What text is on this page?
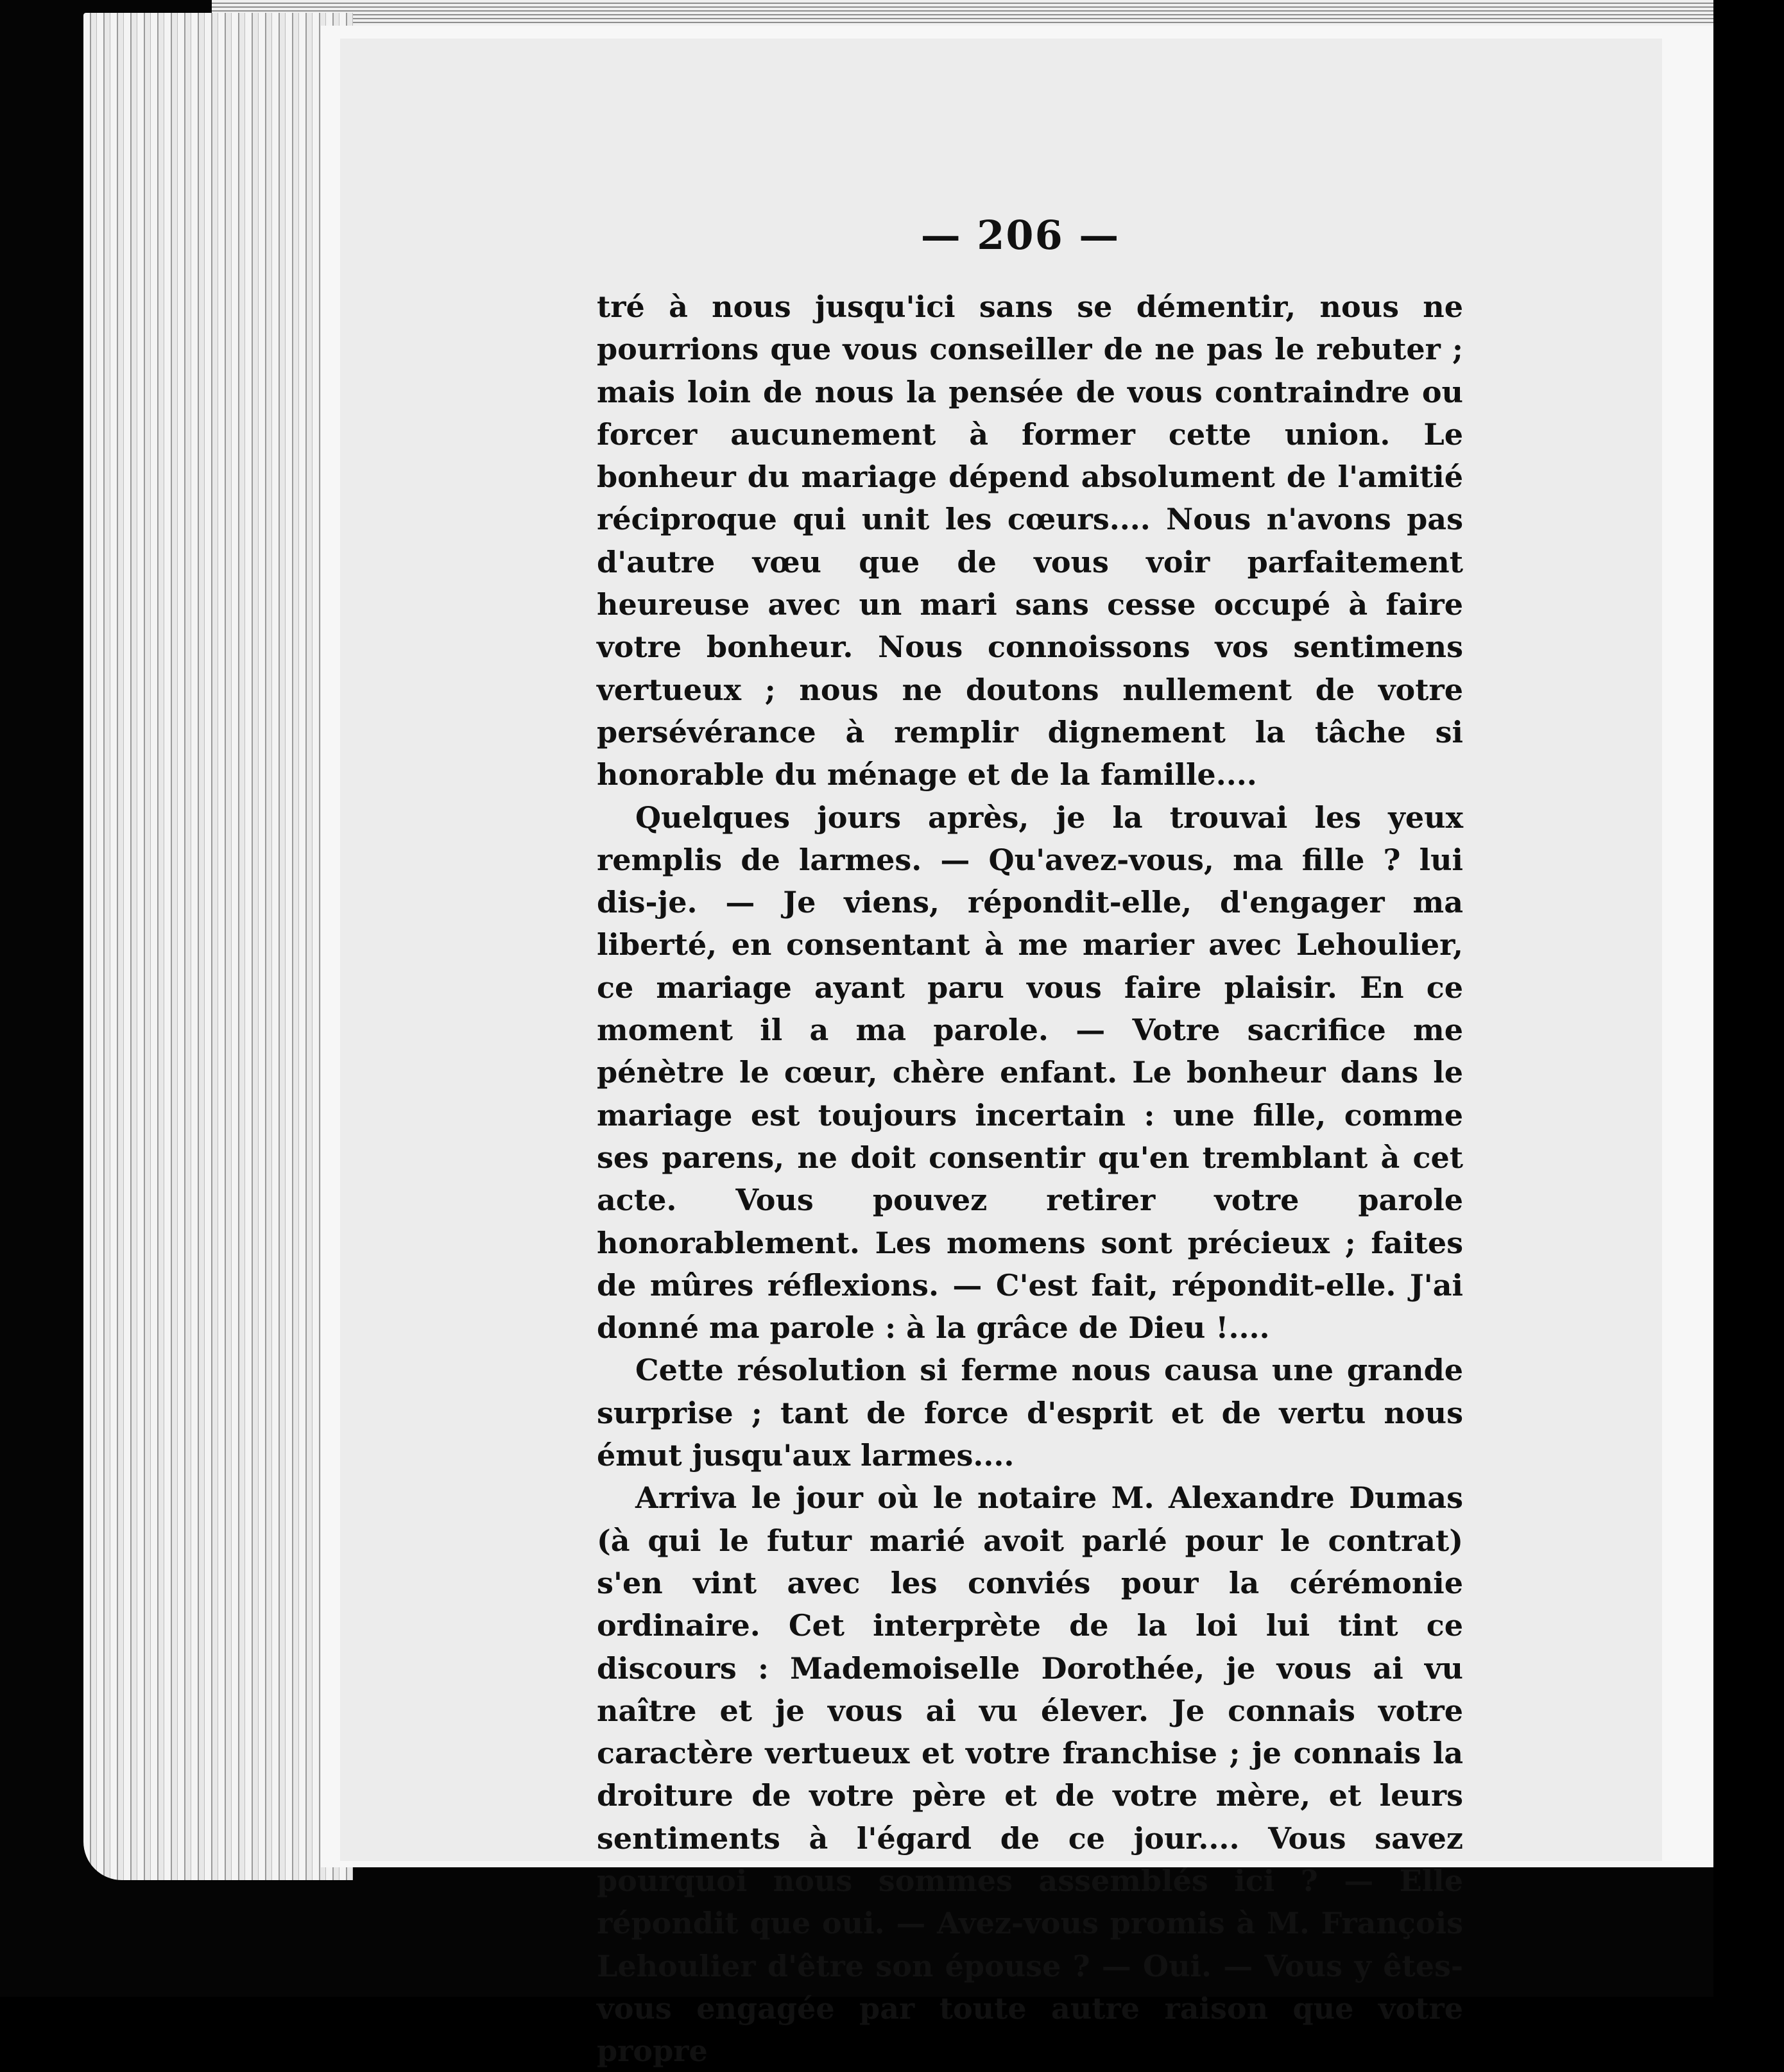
— 206 —

tré à nous jusqu'ici sans se démentir, nous ne pourrions que vous conseiller de ne pas le rebuter ; mais loin de nous la pensée de vous contraindre ou forcer aucunement à former cette union. Le bonheur du mariage dépend absolument de l'amitié réciproque qui unit les cœurs.... Nous n'avons pas d'autre vœu que de vous voir parfaitement heureuse avec un mari sans cesse occupé à faire votre bonheur. Nous connoissons vos sentimens vertueux ; nous ne doutons nullement de votre persévérance à remplir dignement la tâche si honorable du ménage et de la famille....

Quelques jours après, je la trouvai les yeux remplis de larmes. — Qu'avez-vous, ma fille ? lui dis-je. — Je viens, répondit-elle, d'engager ma liberté, en consentant à me marier avec Lehoulier, ce mariage ayant paru vous faire plaisir. En ce moment il a ma parole. — Votre sacrifice me pénètre le cœur, chère enfant. Le bonheur dans le mariage est toujours incertain : une fille, comme ses parens, ne doit consentir qu'en tremblant à cet acte. Vous pouvez retirer votre parole honorablement. Les momens sont précieux ; faites de mûres réflexions. — C'est fait, répondit-elle. J'ai donné ma parole : à la grâce de Dieu !....

Cette résolution si ferme nous causa une grande surprise ; tant de force d'esprit et de vertu nous émut jusqu'aux larmes....

Arriva le jour où le notaire M. Alexandre Dumas (à qui le futur marié avoit parlé pour le contrat) s'en vint avec les conviés pour la cérémonie ordinaire. Cet interprète de la loi lui tint ce discours : Mademoiselle Dorothée, je vous ai vu naître et je vous ai vu élever. Je connais votre caractère vertueux et votre franchise ; je connais la droiture de votre père et de votre mère, et leurs sentiments à l'égard de ce jour.... Vous savez pourquoi nous sommes assemblés ici ? — Elle répondit que oui. — Avez-vous promis à M. François Lehoulier d'être son épouse ? — Oui. — Vous y êtes-vous engagée par toute autre raison que votre propre
